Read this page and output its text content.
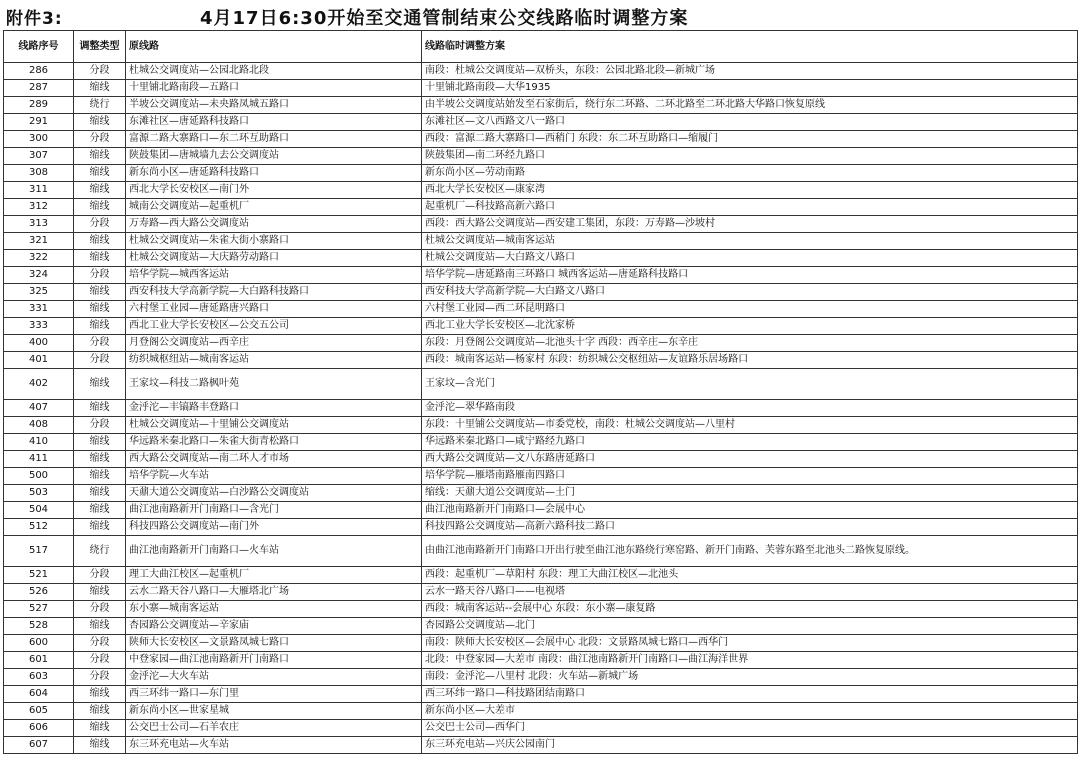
附件3:	4月17日6:30开始至交通管制结束公交线路临时调整方案
线路序号	调整类型	原线路	线路临时调整方案
286	分段	杜城公交调度站—公园北路北段	南段：杜城公交调度站—双桥头，东段：公园北路北段—新城广场
287	缩线	十里铺北路南段—五路口	十里铺北路南段—大华1935
289	绕行	半坡公交调度站—未央路凤城五路口	由半坡公交调度站始发至石家街后，绕行东二环路、二环北路至二环北路大华路口恢复原线
291	缩线	东滩社区—唐延路科技路口	东滩社区—文八西路文八一路口
300	分段	富源二路大寨路口—东二环互助路口	西段：富源二路大寨路口—西稍门 东段：东二环互助路口—缩履门
307	缩线	陕鼓集团—唐城墙九去公交调度站	陕鼓集团—南二环经九路口
308	缩线	新东尚小区—唐延路科技路口	新东尚小区—劳动南路
311	缩线	西北大学长安校区—南门外	西北大学长安校区—康家湾
312	缩线	城南公交调度站—起重机厂	起重机厂—科技路高新六路口
313	分段	万寿路—西大路公交调度站	西段：西大路公交调度站—西安建工集团，东段：万寿路—沙坡村
321	缩线	杜城公交调度站—朱雀大街小寨路口	杜城公交调度站—城南客运站
322	缩线	杜城公交调度站—大庆路劳动路口	杜城公交调度站—大白路文八路口
324	分段	培华学院—城西客运站	培华学院—唐延路南三环路口 城西客运站—唐延路科技路口
325	缩线	西安科技大学高新学院—大白路科技路口	西安科技大学高新学院—大白路文八路口
331	缩线	六村堡工业园—唐延路唐兴路口	六村堡工业园—西二环昆明路口
333	缩线	西北工业大学长安校区—公交五公司	西北工业大学长安校区—北沈家桥
400	分段	月登阁公交调度站—西辛庄	东段：月登阁公交调度站—北池头十字 西段：西辛庄—东辛庄
401	分段	纺织城枢纽站—城南客运站	西段：城南客运站—杨家村 东段：纺织城公交枢纽站—友谊路乐居场路口
402	缩线	王家坟—科技二路枫叶苑	王家坟—含光门
407	缩线	金泘沱—丰镐路丰登路口	金泘沱—翠华路南段
408	分段	杜城公交调度站—十里铺公交调度站	东段：十里铺公交调度站—市委党校，南段：杜城公交调度站—八里村
410	缩线	华远路米秦北路口—朱雀大街青松路口	华远路米秦北路口—咸宁路经九路口
411	缩线	西大路公交调度站—南二环人才市场	西大路公交调度站—文八东路唐延路口
500	缩线	培华学院—火车站	培华学院—雁塔南路雁南四路口
503	缩线	天鼐大道公交调度站—白沙路公交调度站	缩线：天鼐大道公交调度站—土门
504	缩线	曲江池南路新开门南路口—含光门	曲江池南路新开门南路口—会展中心
512	缩线	科技四路公交调度站—南门外	科技四路公交调度站—高新六路科技二路口
517	绕行	曲江池南路新开门南路口—火车站	由曲江池南路新开门南路口开出行驶至曲江池东路绕行寒窑路、新开门南路、芙蓉东路至北池头二路恢复原线。
521	分段	理工大曲江校区—起重机厂	西段：起重机厂—草阳村 东段：理工大曲江校区—北池头
526	缩线	云水二路天谷八路口—大雁塔北广场	云水一路天谷八路口——电视塔
527	分段	东小寨—城南客运站	西段：城南客运站--会展中心 东段：东小寨—康复路
528	缩线	杏园路公交调度站—辛家庙	杏园路公交调度站—北门
600	分段	陕师大长安校区—文景路凤城七路口	南段：陕师大长安校区—会展中心 北段：文景路凤城七路口—西华门
601	分段	中登家园—曲江池南路新开门南路口	北段：中登家园—大差市 南段：曲江池南路新开门南路口—曲江海洋世界
603	分段	金泘沱—大火车站	南段：金泘沱—八里村 北段：火车站—新城广场
604	缩线	西三环纬一路口—东门里	西三环纬一路口—科技路团结南路口
605	缩线	新东尚小区—世家星城	新东尚小区—大差市
606	缩线	公交巴士公司—石羊农庄	公交巴士公司—西华门
607	缩线	东三环充电站—火车站	东三环充电站—兴庆公园南门
